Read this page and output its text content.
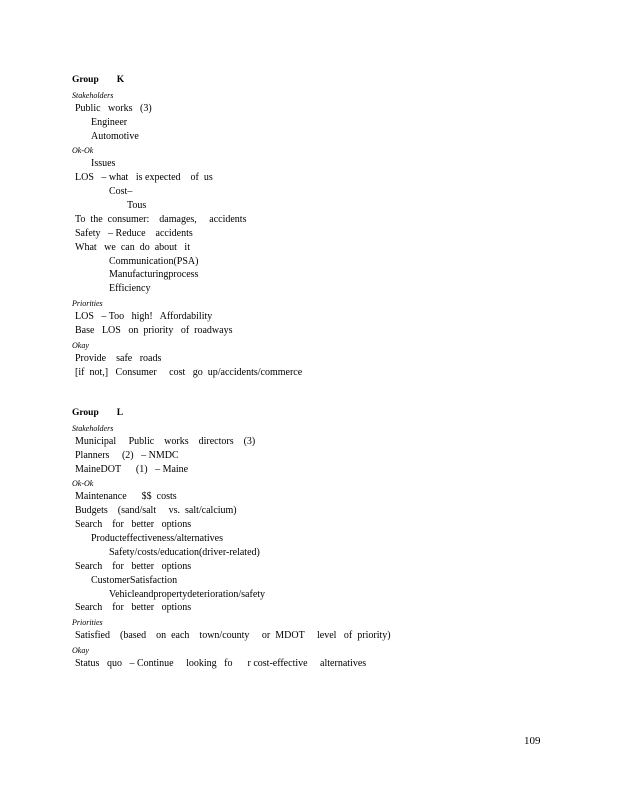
Group K
Stakeholders
Public   works   (3)
Engineer
Automotive
Ok-Ok
Issues
LOS   – what   is expected    of  us
Cost–
Tous
To  the  consumer:    damages,     accidents
Safety   – Reduce    accidents
What   we  can  do  about   it
Communication(PSA)
Manufacturingprocess
Efficiency
Priorities
LOS   – Too   high!   Affordability
Base   LOS   on  priority   of  roadways
Okay
Provide    safe   roads
[if  not,]   Consumer     cost   go  up/accidents/commerce
Group L
Stakeholders
Municipal     Public    works    directors    (3)
Planners     (2)   – NMDC
MaineDOT      (1)   – Maine
Ok-Ok
Maintenance      $$  costs
Budgets    (sand/salt     vs.  salt/calcium)
Search    for   better   options
Producteffectiveness/alternatives
Safety/costs/education(driver-related)
Search    for   better   options
CustomerSatisfaction
Vehicleandpropertydeterioration/safety
Search    for   better   options
Priorities
Satisfied    (based    on  each    town/county     or  MDOT     level   of  priority)
Okay
Status   quo   – Continue     looking   fo      r cost-effective     alternatives
109
